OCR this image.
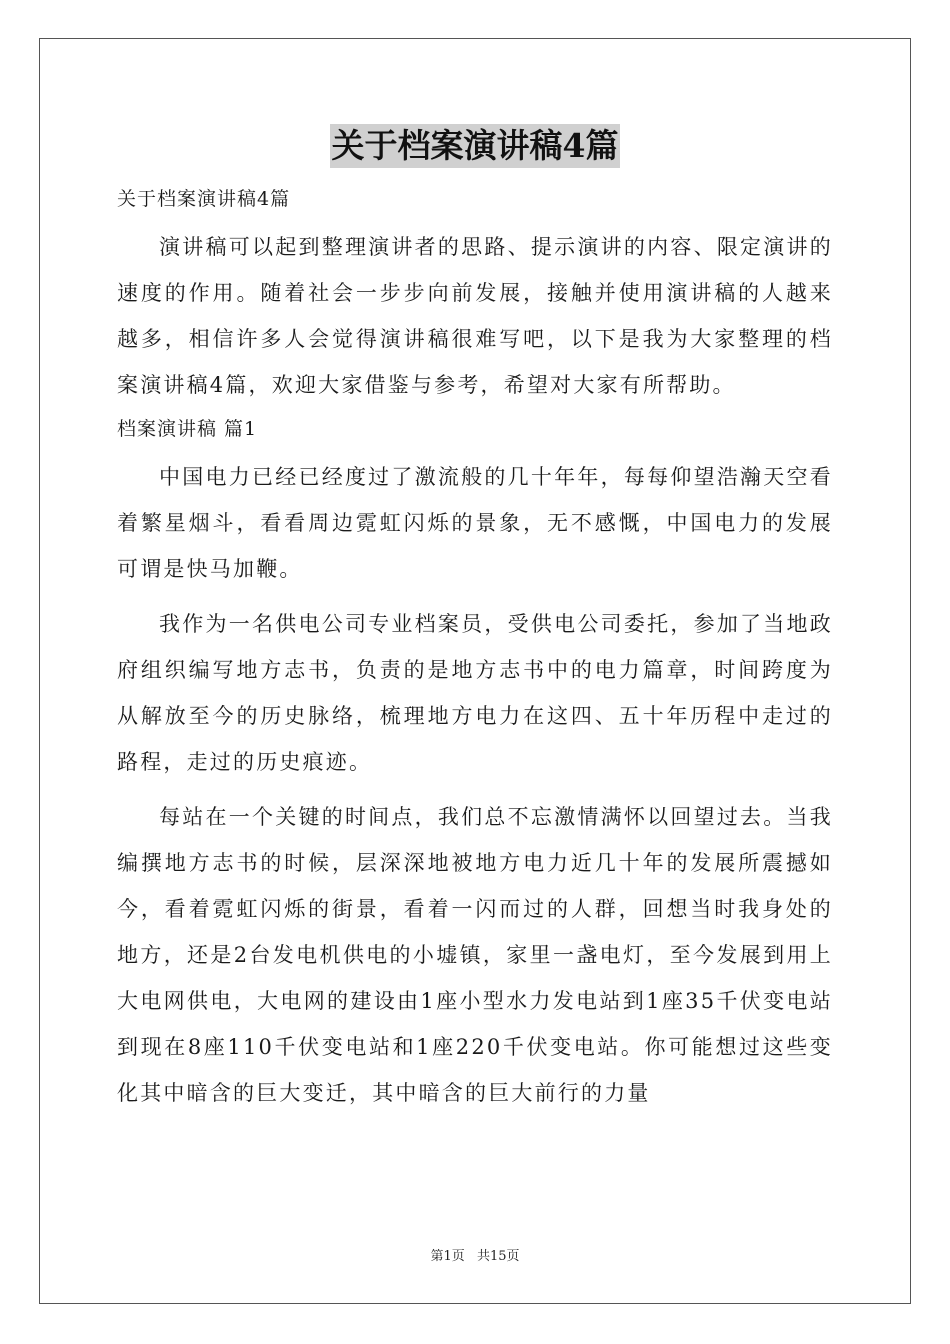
关于档案演讲稿4篇

关于档案演讲稿4篇

演讲稿可以起到整理演讲者的思路、提示演讲的内容、限定演讲的速度的作用。随着社会一步步向前发展，接触并使用演讲稿的人越来越多，相信许多人会觉得演讲稿很难写吧，以下是我为大家整理的档案演讲稿4篇，欢迎大家借鉴与参考，希望对大家有所帮助。

档案演讲稿 篇1

中国电力已经已经度过了激流般的几十年年，每每仰望浩瀚天空看着繁星烟斗，看看周边霓虹闪烁的景象，无不感慨，中国电力的发展可谓是快马加鞭。

我作为一名供电公司专业档案员，受供电公司委托，参加了当地政府组织编写地方志书，负责的是地方志书中的电力篇章，时间跨度为从解放至今的历史脉络，梳理地方电力在这四、五十年历程中走过的路程，走过的历史痕迹。

每站在一个关键的时间点，我们总不忘激情满怀以回望过去。当我编撰地方志书的时候，层深深地被地方电力近几十年的发展所震撼如今，看着霓虹闪烁的街景，看着一闪而过的人群，回想当时我身处的地方，还是2台发电机供电的小墟镇，家里一盏电灯，至今发展到用上大电网供电，大电网的建设由1座小型水力发电站到1座35千伏变电站到现在8座110千伏变电站和1座220千伏变电站。你可能想过这些变化其中暗含的巨大变迁，其中暗含的巨大前行的力量

第1页 共15页
